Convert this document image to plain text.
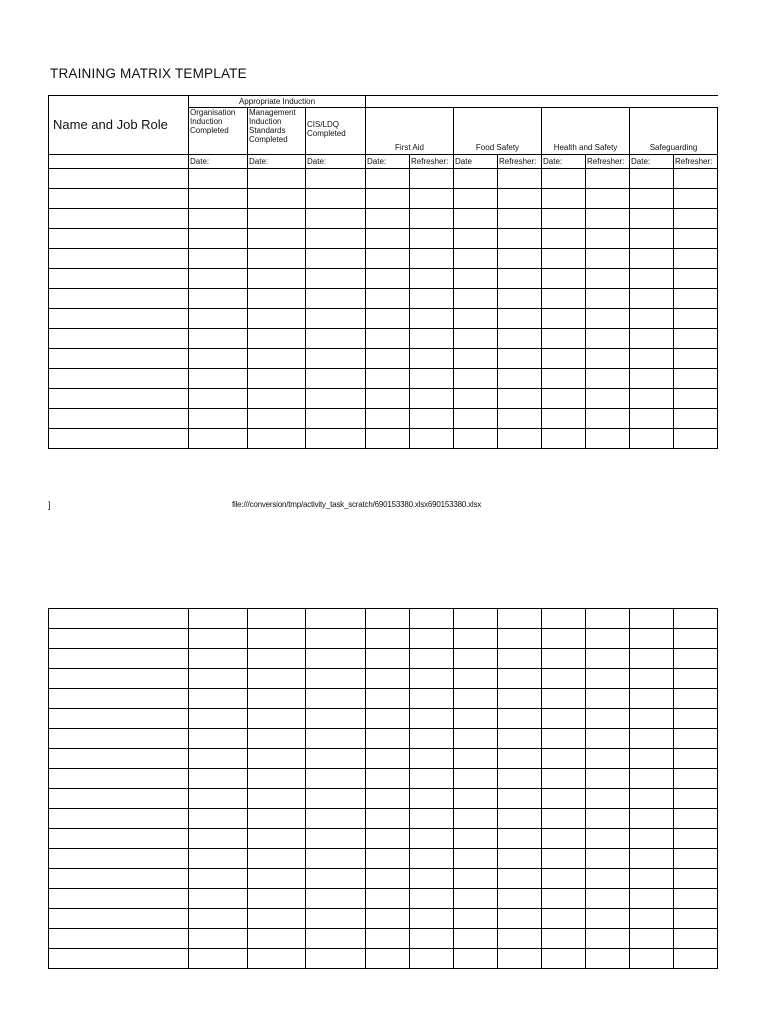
TRAINING MATRIX TEMPLATE
Name and Job Role	Appropriate Induction										
	Organisation Induction Completed	Management Induction Standards Completed	CIS/LDQ Completed	First Aid		Food Safety		Health and Safety		Safeguarding	
	Date:	Date:	Date:	Date:	Refresher:	Date	Refresher:	Date:	Refresher:	Date:	Refresher:

]	file:///conversion/tmp/activity_task_scratch/690153380.xlsx690153380.xlsx
